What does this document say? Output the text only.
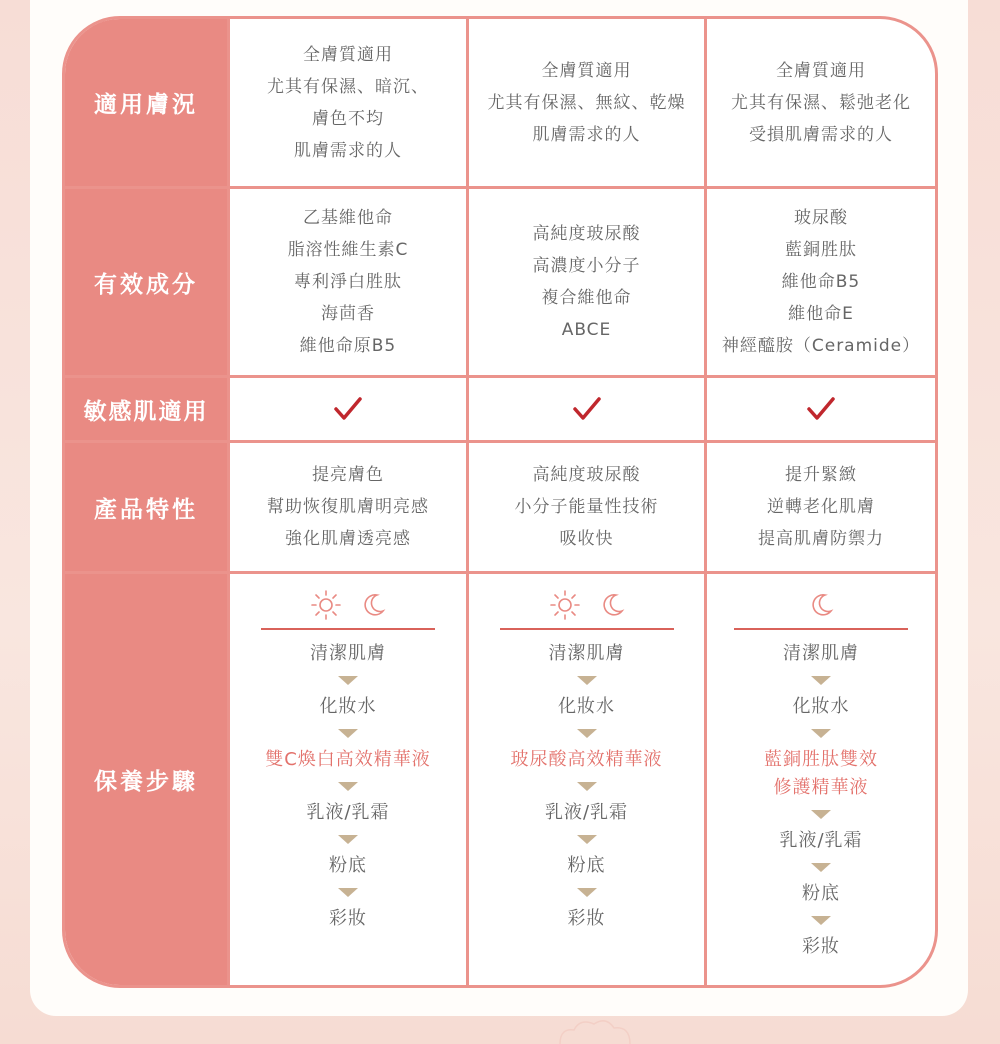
適用膚況
全膚質適用
尤其有保濕、暗沉、
膚色不均
肌膚需求的人
全膚質適用
尤其有保濕、無紋、乾燥
肌膚需求的人
全膚質適用
尤其有保濕、鬆弛老化
受損肌膚需求的人
有效成分
乙基維他命
脂溶性維生素C
專利淨白胜肽
海茴香
維他命原B5
高純度玻尿酸
高濃度小分子
複合維他命
ABCE
玻尿酸
藍銅胜肽
維他命B5
維他命E
神經醯胺（Ceramide）
敏感肌適用
產品特性
提亮膚色
幫助恢復肌膚明亮感
強化肌膚透亮感
高純度玻尿酸
小分子能量性技術
吸收快
提升緊緻
逆轉老化肌膚
提高肌膚防禦力
保養步驟
清潔肌膚
化妝水
雙C煥白高效精華液
乳液/乳霜
粉底
彩妝
清潔肌膚
化妝水
玻尿酸高效精華液
乳液/乳霜
粉底
彩妝
清潔肌膚
化妝水
藍銅胜肽雙效
修護精華液
乳液/乳霜
粉底
彩妝
